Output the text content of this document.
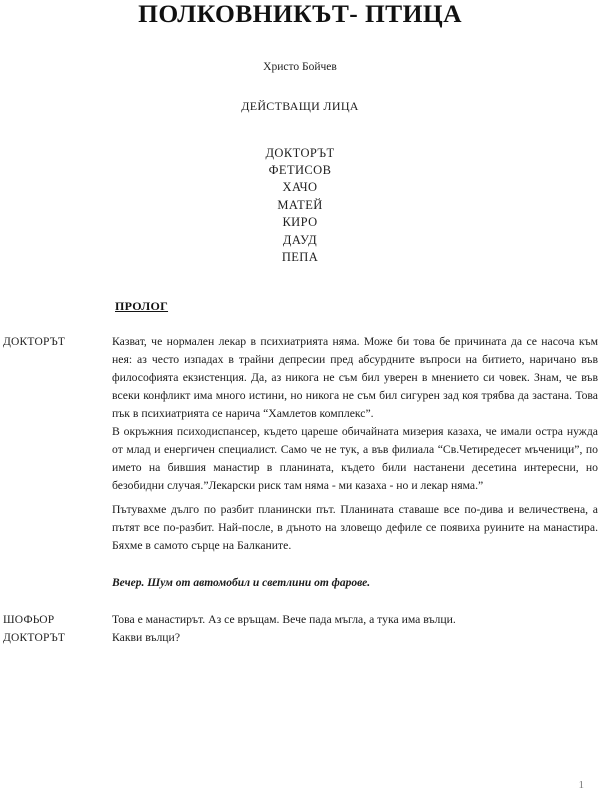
ПОЛКОВНИКЪТ- ПТИЦА

Христо Бойчев

ДЕЙСТВАЩИ ЛИЦА

ДОКТОРЪТ
ФЕТИСОВ
ХАЧО
МАТЕЙ
КИРО
ДАУД
ПЕПА
ПРОЛОГ
ДОКТОРЪТ	Казват, че нормален лекар в психиатрията няма. Може би това бе причината да се насоча към нея: аз често изпадах в трайни депресии пред абсурдните въпроси на битието, наричано във философията екзистенция. Да, аз никога не съм бил уверен в мнението си човек. Знам, че във всеки конфликт има много истини, но никога не съм бил сигурен зад коя трябва да застана. Това пък в психиатрията се нарича “Хамлетов комплекс”.

В окръжния психодиспансер, където цареше обичайната мизерия казаха, че имали остра нужда от млад и енергичен специалист. Само че не тук, а във филиала “Св.Четиредесет мъченици”, по името на бившия манастир в планината, където били настанени десетина интересни, но безобидни случая.”Лекарски риск там няма - ми казаха - но и лекар няма.”

Пътувахме дълго по разбит планински път. Планината ставаше все по-дива и величествена, а пътят все по-разбит. Най-после, в дъното на зловещо дефиле се появиха руините на манастира. Бяхме в самото сърце на Балканите.

Вечер. Шум от автомобил и светлини от фарове.

ШОФЬОР	Това е манастирът. Аз се връщам. Вече пада мъгла, а тука има вълци.

ДОКТОРЪТ	Какви вълци?

1
